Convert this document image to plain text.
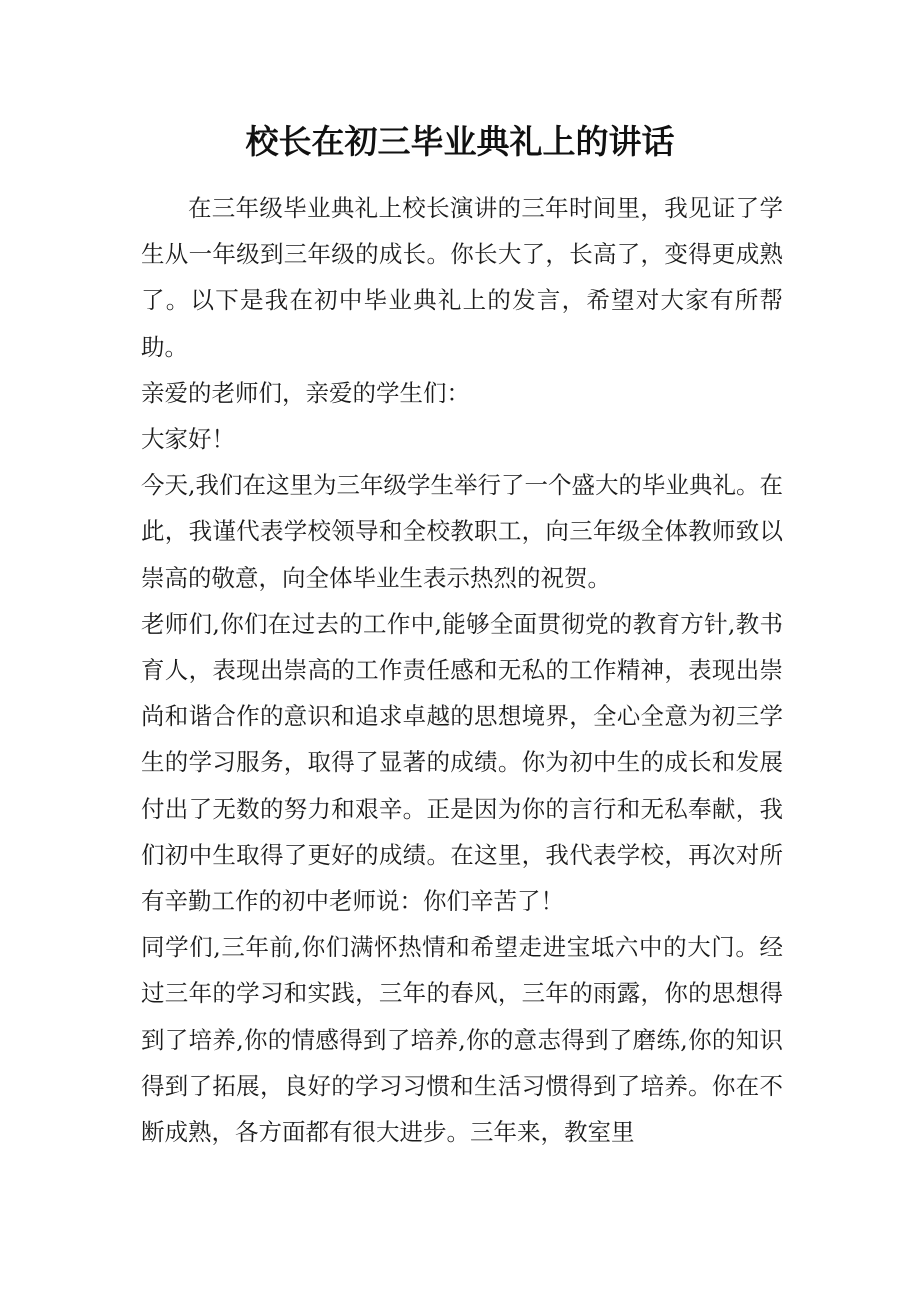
校长在初三毕业典礼上的讲话

在三年级毕业典礼上校长演讲的三年时间里，我见证了学生从一年级到三年级的成长。你长大了，长高了，变得更成熟了。以下是我在初中毕业典礼上的发言，希望对大家有所帮助。

亲爱的老师们，亲爱的学生们：

大家好！

今天,我们在这里为三年级学生举行了一个盛大的毕业典礼。在此，我谨代表学校领导和全校教职工，向三年级全体教师致以崇高的敬意，向全体毕业生表示热烈的祝贺。

老师们,你们在过去的工作中,能够全面贯彻党的教育方针,教书育人，表现出崇高的工作责任感和无私的工作精神，表现出崇尚和谐合作的意识和追求卓越的思想境界，全心全意为初三学生的学习服务，取得了显著的成绩。你为初中生的成长和发展付出了无数的努力和艰辛。正是因为你的言行和无私奉献，我们初中生取得了更好的成绩。在这里，我代表学校，再次对所有辛勤工作的初中老师说：你们辛苦了！

同学们,三年前,你们满怀热情和希望走进宝坻六中的大门。经过三年的学习和实践，三年的春风，三年的雨露，你的思想得到了培养,你的情感得到了培养,你的意志得到了磨练,你的知识得到了拓展，良好的学习习惯和生活习惯得到了培养。你在不断成熟，各方面都有很大进步。三年来，教室里
